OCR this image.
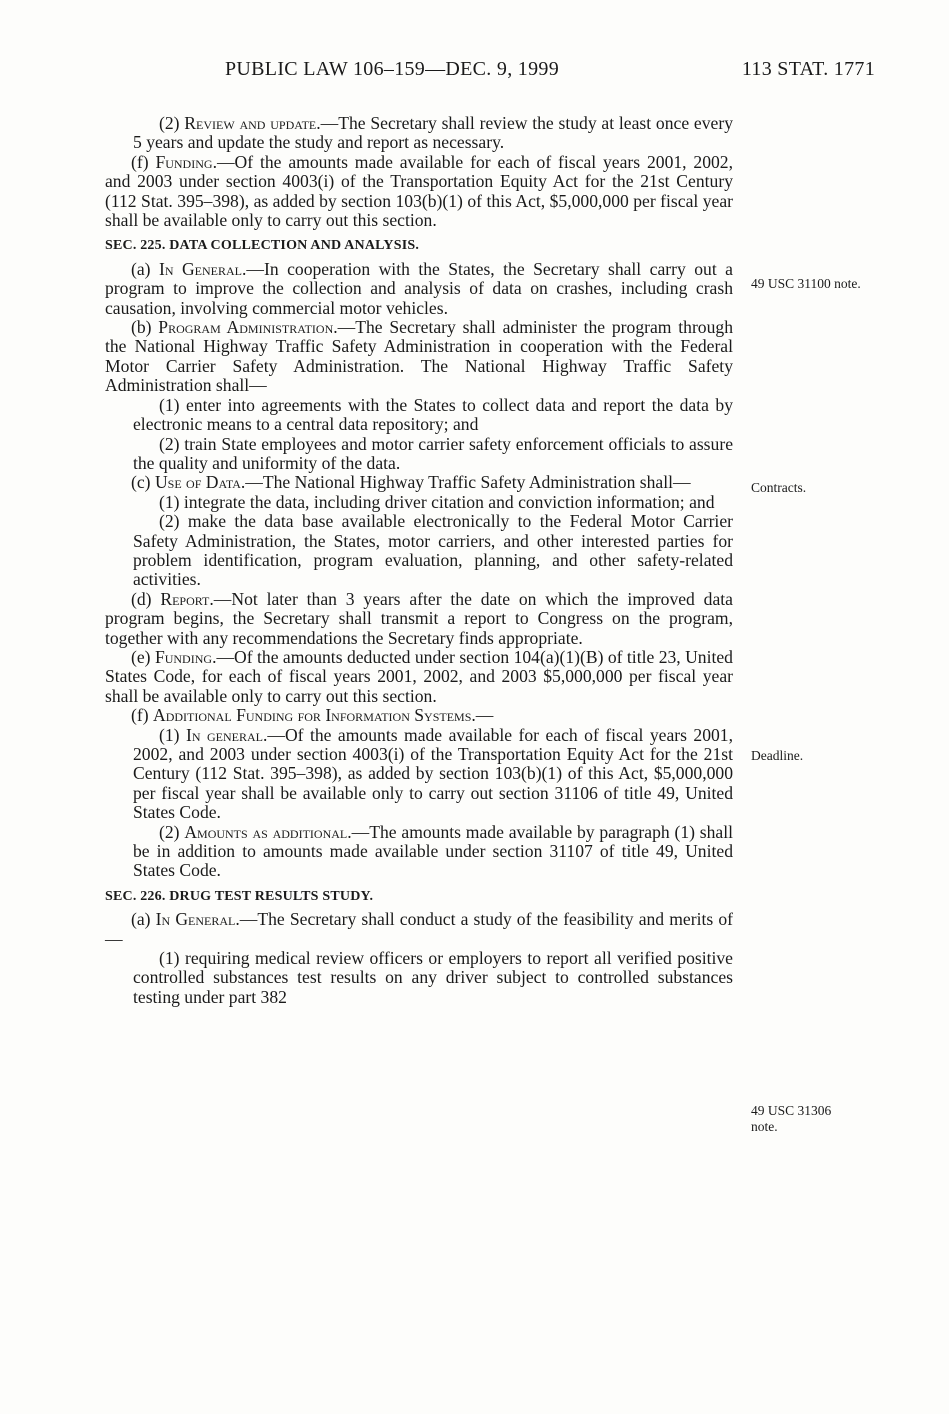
PUBLIC LAW 106–159—DEC. 9, 1999	113 STAT. 1771

(2) Review and update.—The Secretary shall review the study at least once every 5 years and update the study and report as necessary.

(f) Funding.—Of the amounts made available for each of fiscal years 2001, 2002, and 2003 under section 4003(i) of the Transportation Equity Act for the 21st Century (112 Stat. 395–398), as added by section 103(b)(1) of this Act, $5,000,000 per fiscal year shall be available only to carry out this section.

SEC. 225. DATA COLLECTION AND ANALYSIS.

(a) In General.—In cooperation with the States, the Secretary shall carry out a program to improve the collection and analysis of data on crashes, including crash causation, involving commercial motor vehicles.

(b) Program Administration.—The Secretary shall administer the program through the National Highway Traffic Safety Administration in cooperation with the Federal Motor Carrier Safety Administration. The National Highway Traffic Safety Administration shall—

(1) enter into agreements with the States to collect data and report the data by electronic means to a central data repository; and

(2) train State employees and motor carrier safety enforcement officials to assure the quality and uniformity of the data.

(c) Use of Data.—The National Highway Traffic Safety Administration shall—

(1) integrate the data, including driver citation and conviction information; and

(2) make the data base available electronically to the Federal Motor Carrier Safety Administration, the States, motor carriers, and other interested parties for problem identification, program evaluation, planning, and other safety-related activities.

(d) Report.—Not later than 3 years after the date on which the improved data program begins, the Secretary shall transmit a report to Congress on the program, together with any recommendations the Secretary finds appropriate.

(e) Funding.—Of the amounts deducted under section 104(a)(1)(B) of title 23, United States Code, for each of fiscal years 2001, 2002, and 2003 $5,000,000 per fiscal year shall be available only to carry out this section.

(f) Additional Funding for Information Systems.—

(1) In general.—Of the amounts made available for each of fiscal years 2001, 2002, and 2003 under section 4003(i) of the Transportation Equity Act for the 21st Century (112 Stat. 395–398), as added by section 103(b)(1) of this Act, $5,000,000 per fiscal year shall be available only to carry out section 31106 of title 49, United States Code.

(2) Amounts as additional.—The amounts made available by paragraph (1) shall be in addition to amounts made available under section 31107 of title 49, United States Code.

SEC. 226. DRUG TEST RESULTS STUDY.

(a) In General.—The Secretary shall conduct a study of the feasibility and merits of—

(1) requiring medical review officers or employers to report all verified positive controlled substances test results on any driver subject to controlled substances testing under part 382

49 USC 31100 note.
Contracts.
Deadline.
49 USC 31306 note.
